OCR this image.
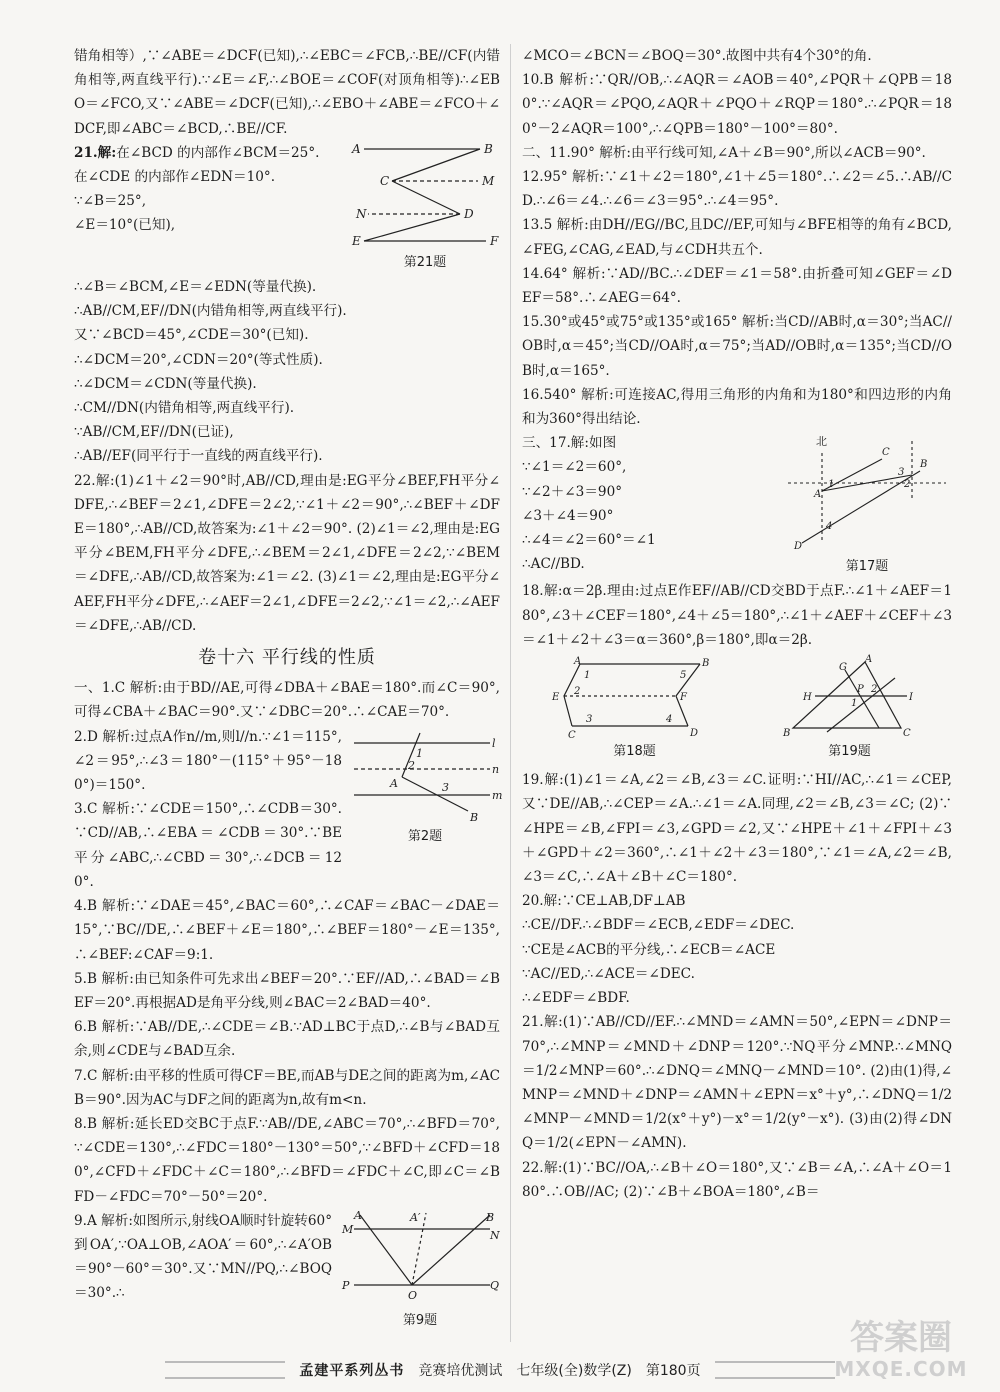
错角相等）,∵∠ABE＝∠DCF(已知),∴∠EBC＝∠FCB,∴BE//CF(内错角相等,两直线平行).∵∠E＝∠F,∴∠BOE＝∠COF(对顶角相等)∴∠EBO＝∠FCO,又∵∠ABE＝∠DCF(已知),∴∠EBO＋∠ABE＝∠FCO＋∠DCF,即∠ABC＝∠BCD,∴BE//CF.
21.解:在∠BCD 的内部作∠BCM＝25°.
在∠CDE 的内部作∠EDN＝10°.
∵∠B＝25°,
∠E＝10°(已知),
A	B
C	M
N	D
E	F
第21题
∴∠B＝∠BCM,∠E＝∠EDN(等量代换).
∴AB//CM,EF//DN(内错角相等,两直线平行).
又∵∠BCD＝45°,∠CDE＝30°(已知).
∴∠DCM＝20°,∠CDN＝20°(等式性质).
∴∠DCM＝∠CDN(等量代换).
∴CM//DN(内错角相等,两直线平行).
∵AB//CM,EF//DN(已证),
∴AB//EF(同平行于一直线的两直线平行).
22.解:(1)∠1＋∠2＝90°时,AB//CD,理由是:EG平分∠BEF,FH平分∠DFE,∴∠BEF＝2∠1,∠DFE＝2∠2,∵∠1＋∠2＝90°,∴∠BEF＋∠DFE＝180°,∴AB//CD,故答案为:∠1＋∠2＝90°. (2)∠1＝∠2,理由是:EG平分∠BEM,FH平分∠DFE,∴∠BEM＝2∠1,∠DFE＝2∠2,∵∠BEM＝∠DFE,∴AB//CD,故答案为:∠1＝∠2. (3)∠1＝∠2,理由是:EG平分∠AEF,FH平分∠DFE,∴∠AEF＝2∠1,∠DFE＝2∠2,∵∠1＝∠2,∴∠AEF＝∠DFE,∴AB//CD.
卷十六 平行线的性质
一、1.C 解析:由于BD//AE,可得∠DBA＋∠BAE＝180°.而∠C＝90°,可得∠CBA＋∠BAC＝90°.又∵∠DBC＝20°.∴∠CAE＝70°.
2.D 解析:过点A作n//m,则l//n.∵∠1＝115°,∠2＝95°,∴∠3＝180°－(115°＋95°－180°)＝150°.
3.C 解析:∵∠CDE＝150°,∴∠CDB＝30°.∵CD//AB,∴∠EBA＝∠CDB＝30°.∵BE平分∠ABC,∴∠CBD＝30°,∴∠DCB＝120°.
l
m
n
A
B
1
2
3
第2题
4.B 解析:∵∠DAE＝45°,∠BAC＝60°,∴∠CAF＝∠BAC－∠DAE＝15°,∵BC//DE,∴∠BEF＋∠E＝180°,∴∠BEF＝180°－∠E＝135°,∴∠BEF:∠CAF＝9:1.
5.B 解析:由已知条件可先求出∠BEF＝20°.∵EF//AD,∴∠BAD＝∠BEF＝20°.再根据AD是角平分线,则∠BAC＝2∠BAD＝40°.
6.B 解析:∵AB//DE,∴∠CDE＝∠B.∵AD⊥BC于点D,∴∠B与∠BAD互余,则∠CDE与∠BAD互余.
7.C 解析:由平移的性质可得CF＝BE,而AB与DE之间的距离为m,∠ACB＝90°.因为AC与DF之间的距离为n,故有m<n.
8.B 解析:延长ED交BC于点F.∵AB//DE,∠ABC＝70°,∴∠BFD＝70°,∵∠CDE＝130°,∴∠FDC＝180°－130°＝50°,∵∠BFD＋∠CFD＝180°,∠CFD＋∠FDC＋∠C＝180°,∴∠BFD＝∠FDC＋∠C,即∠C＝∠BFD－∠FDC＝70°－50°＝20°.
9.A 解析:如图所示,射线OA顺时针旋转60°到OA′,∵OA⊥OB,∠AOA′＝60°,∴∠A′OB＝90°－60°＝30°.又∵MN//PQ,∴∠BOQ＝30°.∴
A	A′	B
M	N
P	Q
O
第9题
∠MCO＝∠BCN＝∠BOQ＝30°.故图中共有4个30°的角.
10.B 解析:∵QR//OB,∴∠AQR＝∠AOB＝40°,∠PQR＋∠QPB＝180°.∵∠AQR＝∠PQO,∠AQR＋∠PQO＋∠RQP＝180°.∴∠PQR＝180°－2∠AQR＝100°,∴∠QPB＝180°－100°＝80°.
二、11.90° 解析:由平行线可知,∠A＋∠B＝90°,所以∠ACB＝90°.
12.95° 解析:∵∠1＋∠2＝180°,∠1＋∠5＝180°.∴∠2＝∠5.∴AB//CD.∴∠6＝∠4.∴∠6＝∠3＝95°.∴∠4＝95°.
13.5 解析:由DH//EG//BC,且DC//EF,可知与∠BFE相等的角有∠BCD,∠FEG,∠CAG,∠EAD,与∠CDH共五个.
14.64° 解析:∵AD//BC.∴∠DEF＝∠1＝58°.由折叠可知∠GEF＝∠DEF＝58°.∴∠AEG＝64°.
15.30°或45°或75°或135°或165° 解析:当CD//AB时,α＝30°;当AC//OB时,α＝45°;当CD//OA时,α＝75°;当AD//OB时,α＝135°;当CD//OB时,α＝165°.
16.540° 解析:可连接AC,得用三角形的内角和为180°和四边形的内角和为360°得出结论.
三、17.解:如图
∵∠1＝∠2＝60°,
∵∠2＋∠3＝90°
∠3＋∠4＝90°
∴∠4＝∠2＝60°＝∠1
∴AC//BD.
北
A
B
C
D
1	2
3
4
第17题
18.解:α＝2β.理由:过点E作EF//AB//CD交BD于点F.∴∠1＋∠AEF＝180°,∠3＋∠CEF＝180°,∠4＋∠5＝180°,∴∠1＋∠AEF＋∠CEF＋∠3＝∠1＋∠2＋∠3＝α＝360°,β＝180°,即α＝2β.
A	B
E	F
C	D
1
2
3	4
5
第18题
A
B	C
H
P
I
G
1
2
第19题
19.解:(1)∠1＝∠A,∠2＝∠B,∠3＝∠C.证明:∵HI//AC,∴∠1＝∠CEP,又∵DE//AB,∴∠CEP＝∠A.∴∠1＝∠A.同理,∠2＝∠B,∠3＝∠C; (2)∵∠HPE＝∠B,∠FPI＝∠3,∠GPD＝∠2,又∵∠HPE＋∠1＋∠FPI＋∠3＋∠GPD＋∠2＝360°,∴∠1＋∠2＋∠3＝180°,∵∠1＝∠A,∠2＝∠B,∠3＝∠C,∴∠A＋∠B＋∠C＝180°.
20.解:∵CE⊥AB,DF⊥AB
∴CE//DF.∴∠BDF＝∠ECB,∠EDF＝∠DEC.
∵CE是∠ACB的平分线,∴∠ECB＝∠ACE
∵AC//ED,∴∠ACE＝∠DEC.
∴∠EDF＝∠BDF.
21.解:(1)∵AB//CD//EF.∴∠MND＝∠AMN＝50°,∠EPN＝∠DNP＝70°,∴∠MNP＝∠MND＋∠DNP＝120°.∵NQ平分∠MNP.∴∠MNQ＝1/2∠MNP＝60°.∴∠DNQ＝∠MNQ－∠MND＝10°. (2)由(1)得,∠MNP＝∠MND＋∠DNP＝∠AMN＋∠EPN＝x°＋y°,∴∠DNQ＝1/2∠MNP－∠MND＝1/2(x°＋y°)－x°＝1/2(y°－x°). (3)由(2)得∠DNQ＝1/2(∠EPN－∠AMN).
22.解:(1)∵BC//OA,∴∠B＋∠O＝180°,又∵∠B＝∠A,∴∠A＋∠O＝180°.∴OB//AC; (2)∵∠B＋∠BOA＝180°,∠B＝
孟建平系列丛书 竞赛培优测试 七年级(全)数学(Z) 第180页
答案圈
MXQE.COM
